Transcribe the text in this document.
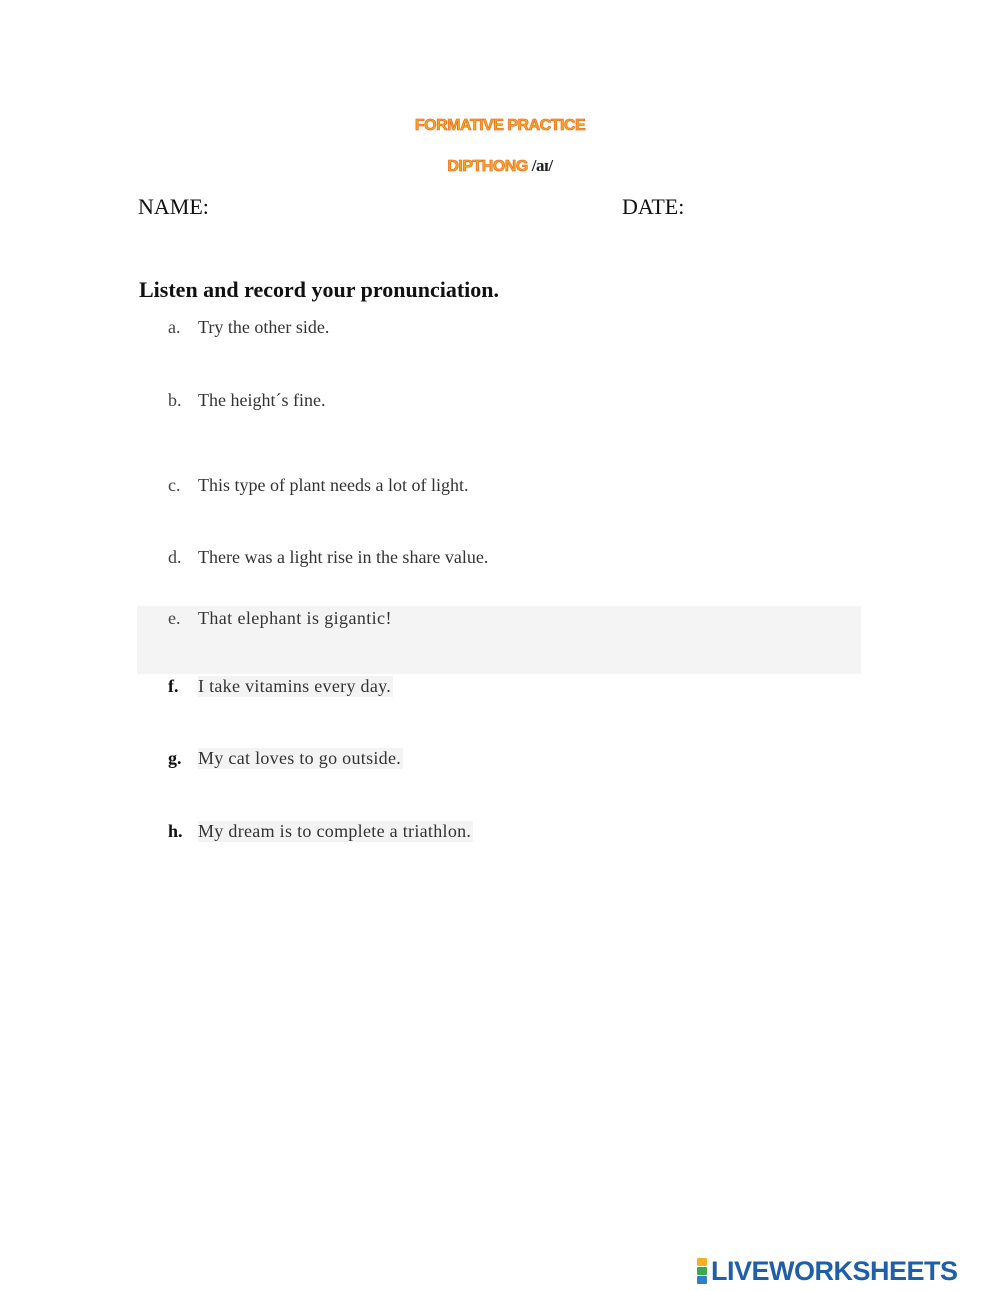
FORMATIVE PRACTICE
DIPTHONG /aɪ/
NAME:	DATE:
Listen and record your pronunciation.
a. Try the other side.
b. The height´s fine.
c. This type of plant needs a lot of light.
d. There was a light rise in the share value.
e. That elephant is gigantic!
f.	I take vitamins every day.
g. My cat loves to go outside.
h. My dream is to complete a triathlon.
LIVEWORKSHEETS
